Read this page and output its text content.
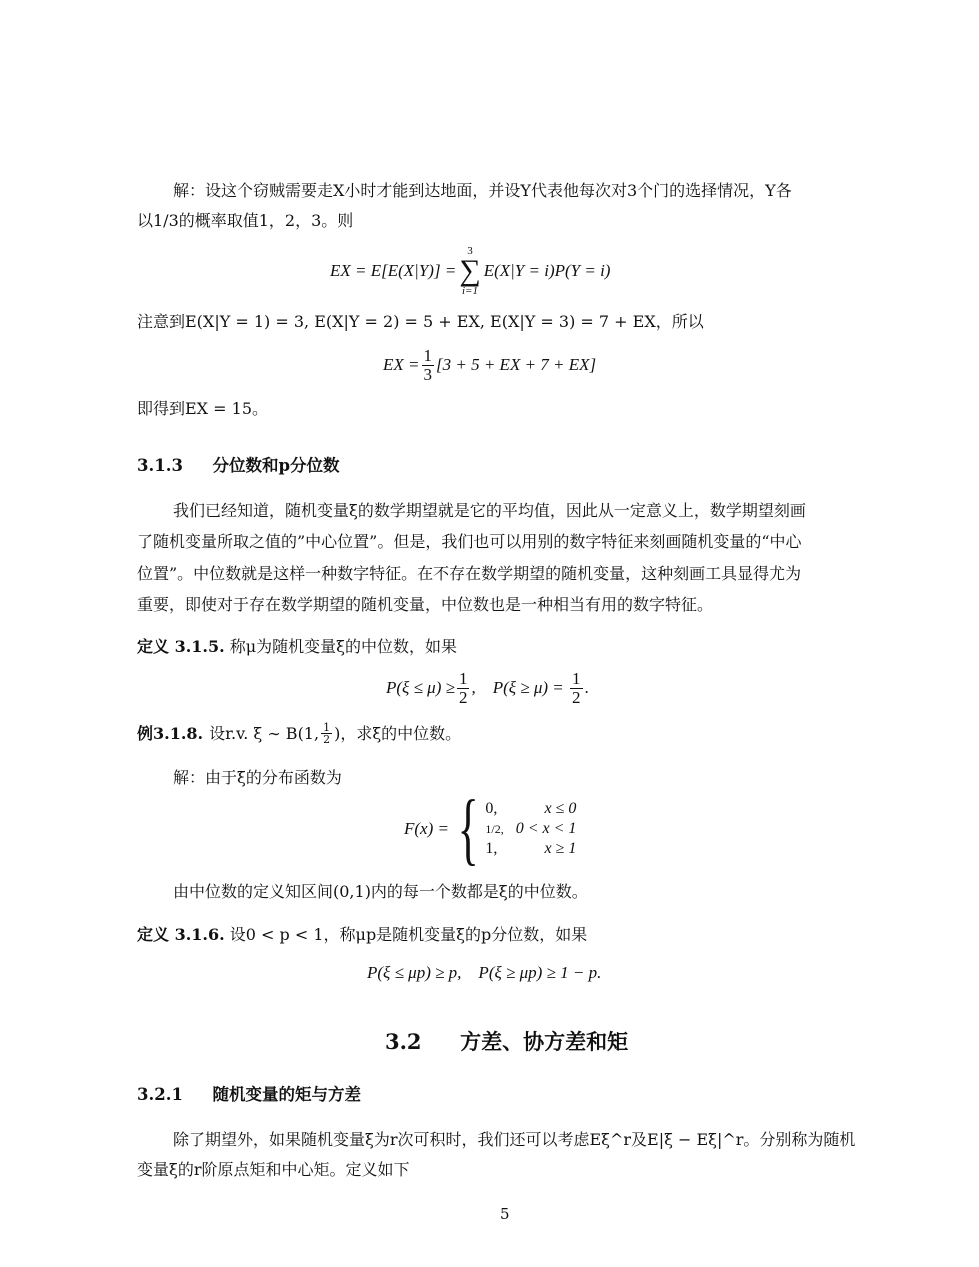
解：设这个窃贼需要走X小时才能到达地面，并设Y代表他每次对3个门的选择情况，Y各
以1/3的概率取值1，2，3。则
EX = E[E(X|Y)] =
3
∑
i=1
E(X|Y = i)P(Y = i)
注意到E(X|Y = 1) = 3, E(X|Y = 2) = 5 + EX, E(X|Y = 3) = 7 + EX，所以
EX = $\frac{1}{3} [3 + 5$ + EX + 7 + EX]
即得到EX = 15。
3.1.3 分位数和p分位数
我们已经知道，随机变量ξ的数学期望就是它的平均值，因此从一定意义上，数学期望刻画
了随机变量所取之值的”中心位置”。但是，我们也可以用别的数字特征来刻画随机变量的“中心
位置”。中位数就是这样一种数字特征。在不存在数学期望的随机变量，这种刻画工具显得尤为
重要，即使对于存在数学期望的随机变量，中位数也是一种相当有用的数字特征。
定义 3.1.5. 称μ为随机变量ξ的中位数，如果
$P(\xi \le \mu) \ge \frac{1}{2}$ ,    $P(\xi \ge \mu) = \frac{1}{2}$ .
例3.1.8. 设r.v. ξ ∼ B(1, $\frac{1}{2}$ )，求ξ的中位数。
解：由于ξ的分布函数为
F(x) = { 0,	x ≤ 0
1/2,	0 < x < 1
1,	x ≥ 1
由中位数的定义知区间(0,1)内的每一个数都是ξ的中位数。
定义 3.1.6. 设0 < p < 1，称μp是随机变量ξ的p分位数，如果
P(ξ ≤ μp) ≥ p,    P(ξ ≥ μp) ≥ 1 − p.
3.2 方差、协方差和矩
3.2.1 随机变量的矩与方差
除了期望外，如果随机变量ξ为r次可积时，我们还可以考虑Eξ^r及E|ξ − Eξ|^r。分别称为随机
变量ξ的r阶原点矩和中心矩。定义如下
5
